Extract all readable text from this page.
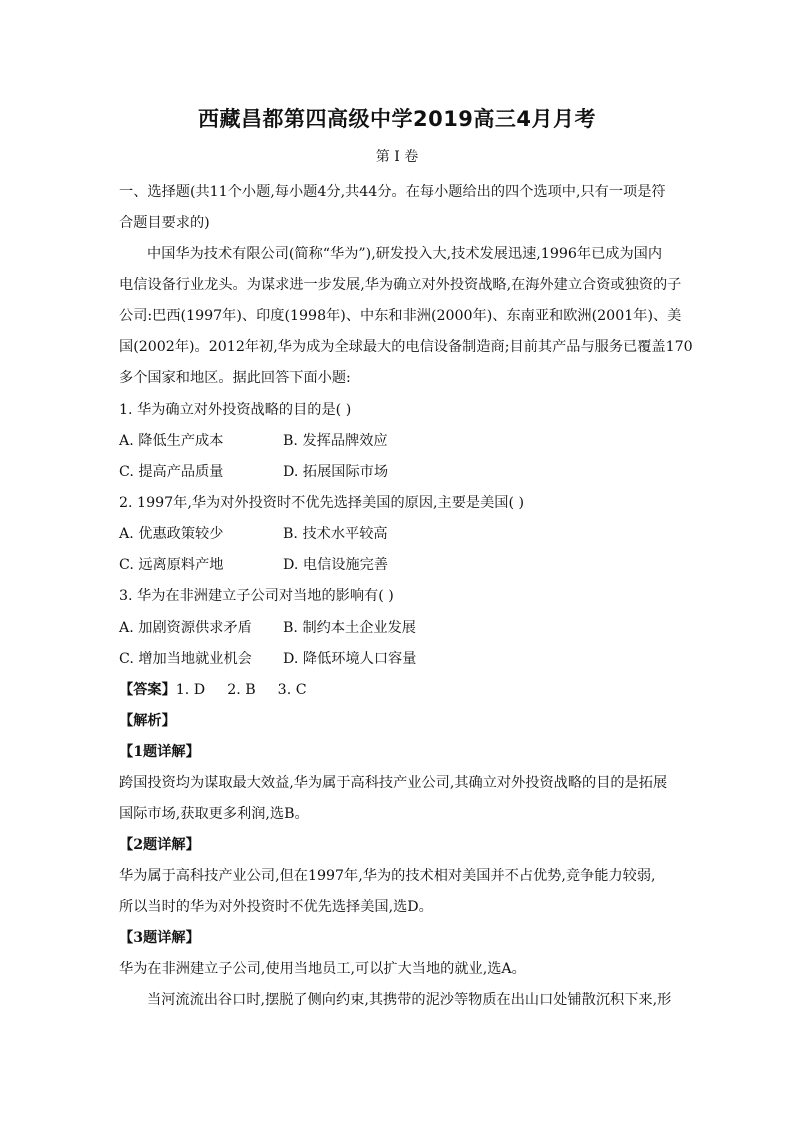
西藏昌都第四高级中学2019高三4月月考
第 I 卷
一、选择题(共11个小题,每小题4分,共44分。在每小题给出的四个选项中,只有一项是符
合题目要求的)
中国华为技术有限公司(简称“华为”),研发投入大,技术发展迅速,1996年已成为国内
电信设备行业龙头。为谋求进一步发展,华为确立对外投资战略,在海外建立合资或独资的子
公司:巴西(1997年)、印度(1998年)、中东和非洲(2000年)、东南亚和欧洲(2001年)、美
国(2002年)。2012年初,华为成为全球最大的电信设备制造商;目前其产品与服务已覆盖170
多个国家和地区。据此回答下面小题:
1. 华为确立对外投资战略的目的是( )
A. 降低生产成本	B. 发挥品牌效应
C. 提高产品质量	D. 拓展国际市场
2. 1997年,华为对外投资时不优先选择美国的原因,主要是美国( )
A. 优惠政策较少	B. 技术水平较高
C. 远离原料产地	D. 电信设施完善
3. 华为在非洲建立子公司对当地的影响有( )
A. 加剧资源供求矛盾	B. 制约本土企业发展
C. 增加当地就业机会	D. 降低环境人口容量
【答案】1. D 2. B 3. C
【解析】
【1题详解】
跨国投资均为谋取最大效益,华为属于高科技产业公司,其确立对外投资战略的目的是拓展
国际市场,获取更多利润,选B。
【2题详解】
华为属于高科技产业公司,但在1997年,华为的技术相对美国并不占优势,竞争能力较弱,
所以当时的华为对外投资时不优先选择美国,选D。
【3题详解】
华为在非洲建立子公司,使用当地员工,可以扩大当地的就业,选A。
当河流流出谷口时,摆脱了侧向约束,其携带的泥沙等物质在出山口处铺散沉积下来,形
